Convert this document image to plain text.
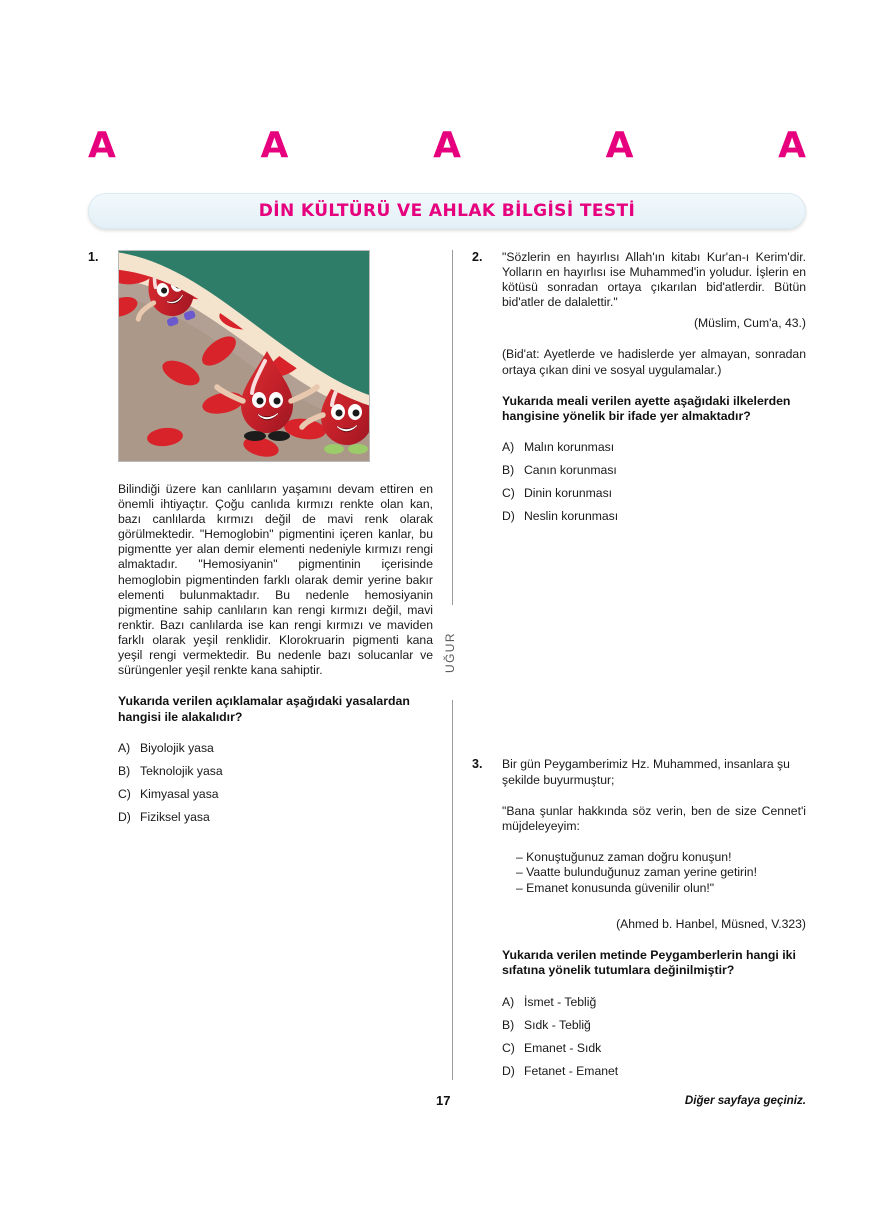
A	A	A	A	A
DİN KÜLTÜRÜ VE AHLAK BİLGİSİ TESTİ
UĞUR
1.

Bilindiği üzere kan canlıların yaşamını devam ettiren en önemli ihtiyaçtır. Çoğu canlıda kırmızı renkte olan kan, bazı canlılarda kırmızı değil de mavi renk olarak görülmektedir. "Hemoglobin" pigmentini içeren kanlar, bu pigmentte yer alan demir elementi nedeniyle kırmızı rengi almaktadır. "Hemosiyanin" pigmentinin içerisinde hemoglobin pigmentinden farklı olarak demir yerine bakır elementi bulunmaktadır. Bu nedenle hemosiyanin pigmentine sahip canlıların kan rengi kırmızı değil, mavi renktir. Bazı canlılarda ise kan rengi kırmızı ve maviden farklı olarak yeşil renklidir. Klorokruarin pigmenti kana yeşil rengi vermektedir. Bu nedenle bazı solucanlar ve sürüngenler yeşil renkte kana sahiptir.

Yukarıda verilen açıklamalar aşağıdaki yasalardan hangisi ile alakalıdır?

A) Biyolojik yasa
B) Teknolojik yasa
C) Kimyasal yasa
D) Fiziksel yasa
2.	"Sözlerin en hayırlısı Allah'ın kitabı Kur'an-ı Kerim'dir. Yolların en hayırlısı ise Muhammed'in yoludur. İşlerin en kötüsü sonradan ortaya çıkarılan bid'atlerdir. Bütün bid'atler de dalalettir."

(Müslim, Cum'a, 43.)

(Bid'at: Ayetlerde ve hadislerde yer almayan, sonradan ortaya çıkan dini ve sosyal uygulamalar.)

Yukarıda meali verilen ayette aşağıdaki ilkelerden hangisine yönelik bir ifade yer almaktadır?

A) Malın korunması
B) Canın korunması
C) Dinin korunması
D) Neslin korunması
3.	Bir gün Peygamberimiz Hz. Muhammed, insanlara şu şekilde buyurmuştur;

"Bana şunlar hakkında söz verin, ben de size Cennet'i müjdeleyeyim:

– Konuştuğunuz zaman doğru konuşun!
– Vaatte bulunduğunuz zaman yerine getirin!
– Emanet konusunda güvenilir olun!"

(Ahmed b. Hanbel, Müsned, V.323)

Yukarıda verilen metinde Peygamberlerin hangi iki sıfatına yönelik tutumlara değinilmiştir?

A) İsmet - Tebliğ
B) Sıdk - Tebliğ
C) Emanet - Sıdk
D) Fetanet - Emanet
17	Diğer sayfaya geçiniz.
